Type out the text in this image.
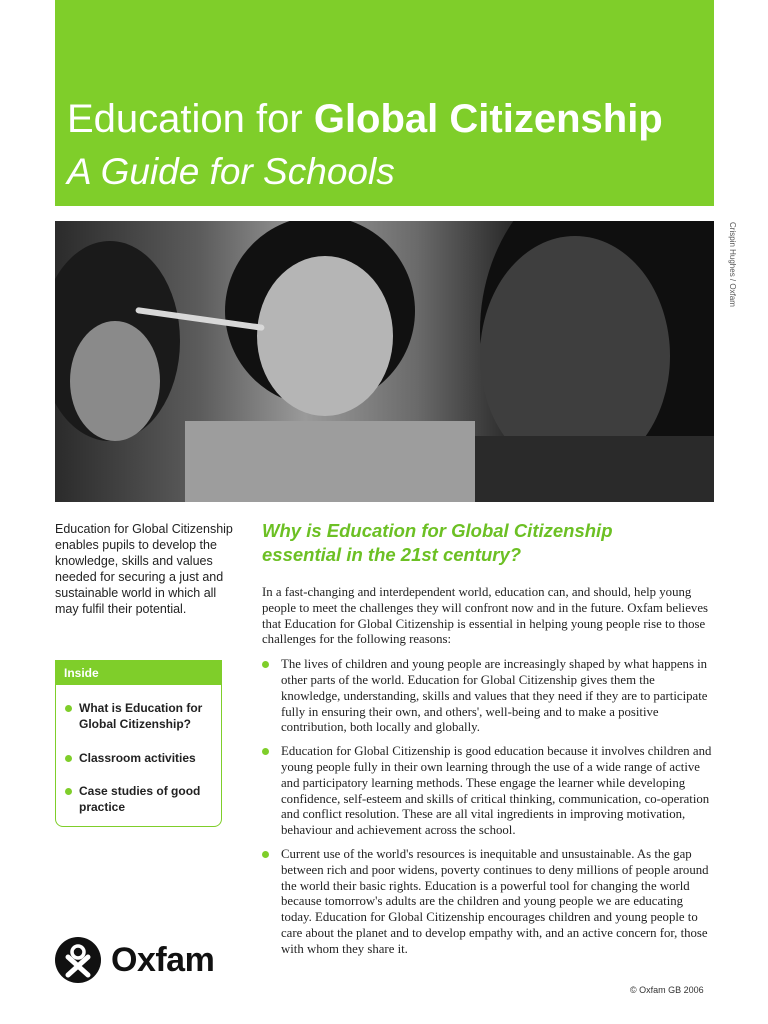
Education for Global Citizenship
A Guide for Schools
Crispin Hughes / Oxfam
Education for Global Citizenship enables pupils to develop the knowledge, skills and values needed for securing a just and sustainable world in which all may fulfil their potential.
Inside
What is Education for Global Citizenship?
Classroom activities
Case studies of good practice
Oxfam
Why is Education for Global Citizenship essential in the 21st century?

In a fast-changing and interdependent world, education can, and should, help young people to meet the challenges they will confront now and in the future. Oxfam believes that Education for Global Citizenship is essential in helping young people rise to those challenges for the following reasons:

The lives of children and young people are increasingly shaped by what happens in other parts of the world. Education for Global Citizenship gives them the knowledge, understanding, skills and values that they need if they are to participate fully in ensuring their own, and others', well-being and to make a positive contribution, both locally and globally.
Education for Global Citizenship is good education because it involves children and young people fully in their own learning through the use of a wide range of active and participatory learning methods. These engage the learner while developing confidence, self-esteem and skills of critical thinking, communication, co-operation and conflict resolution. These are all vital ingredients in improving motivation, behaviour and achievement across the school.
Current use of the world's resources is inequitable and unsustainable. As the gap between rich and poor widens, poverty continues to deny millions of people around the world their basic rights. Education is a powerful tool for changing the world because tomorrow's adults are the children and young people we are educating today. Education for Global Citizenship encourages children and young people to care about the planet and to develop empathy with, and an active concern for, those with whom they share it.
© Oxfam GB 2006
